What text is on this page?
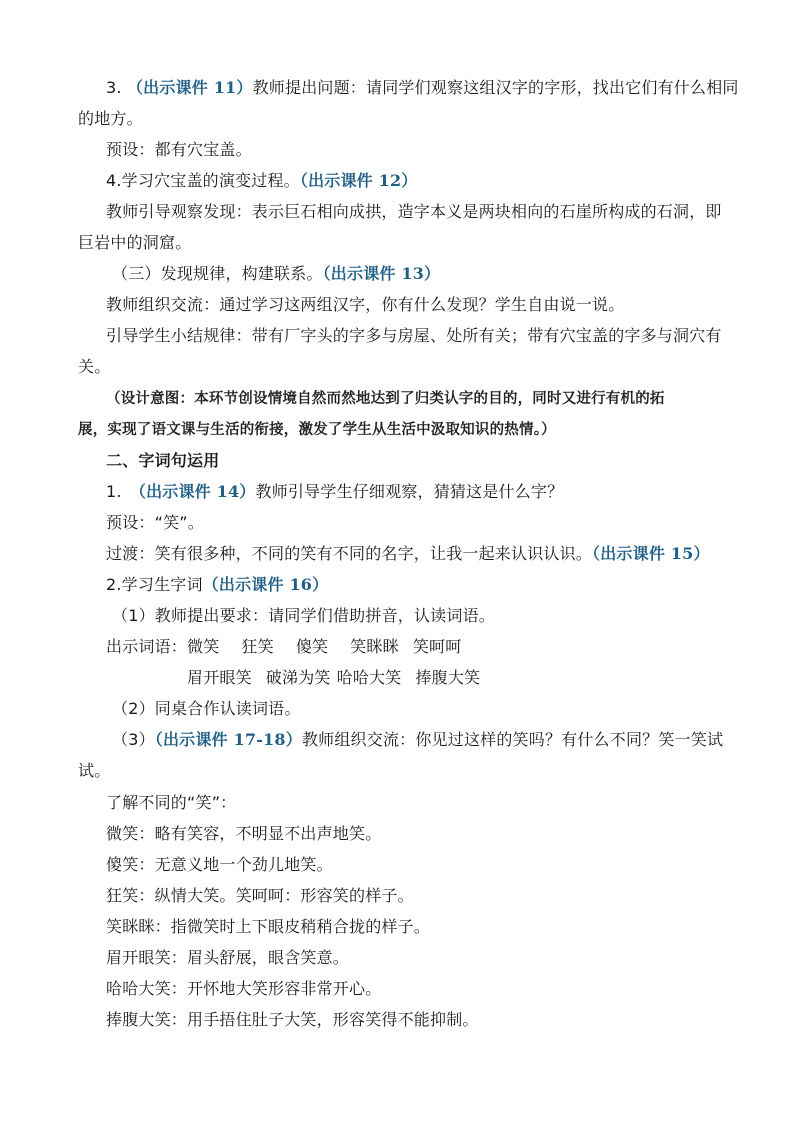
3. （出示课件 11）教师提出问题：请同学们观察这组汉字的字形，找出它们有什么相同
的地方。
预设：都有穴宝盖。
4.学习穴宝盖的演变过程。（出示课件 12）
教师引导观察发现：表示巨石相向成拱，造字本义是两块相向的石崖所构成的石洞，即
巨岩中的洞窟。
（三）发现规律，构建联系。（出示课件 13）
教师组织交流：通过学习这两组汉字，你有什么发现？学生自由说一说。
引导学生小结规律：带有厂字头的字多与房屋、处所有关；带有穴宝盖的字多与洞穴有
关。
（设计意图：本环节创设情境自然而然地达到了归类认字的目的，同时又进行有机的拓
展，实现了语文课与生活的衔接，激发了学生从生活中汲取知识的热情。）
二、字词句运用
1.　（出示课件 14）教师引导学生仔细观察，猜猜这是什么字？
预设：“笑”。
过渡：笑有很多种，不同的笑有不同的名字，让我一起来认识认识。（出示课件 15）
2.学习生字词（出示课件 16）
（1）教师提出要求：请同学们借助拼音，认读词语。
出示词语：微笑 狂笑 傻笑 笑眯眯 笑呵呵
眉开眼笑 破涕为笑 哈哈大笑 捧腹大笑
（2）同桌合作认读词语。
（3）（出示课件 17-18）教师组织交流：你见过这样的笑吗？有什么不同？笑一笑试
试。
了解不同的“笑”：
微笑：略有笑容，不明显不出声地笑。
傻笑：无意义地一个劲儿地笑。
狂笑：纵情大笑。笑呵呵：形容笑的样子。
笑眯眯：指微笑时上下眼皮稍稍合拢的样子。
眉开眼笑：眉头舒展，眼含笑意。
哈哈大笑：开怀地大笑形容非常开心。
捧腹大笑：用手捂住肚子大笑，形容笑得不能抑制。
